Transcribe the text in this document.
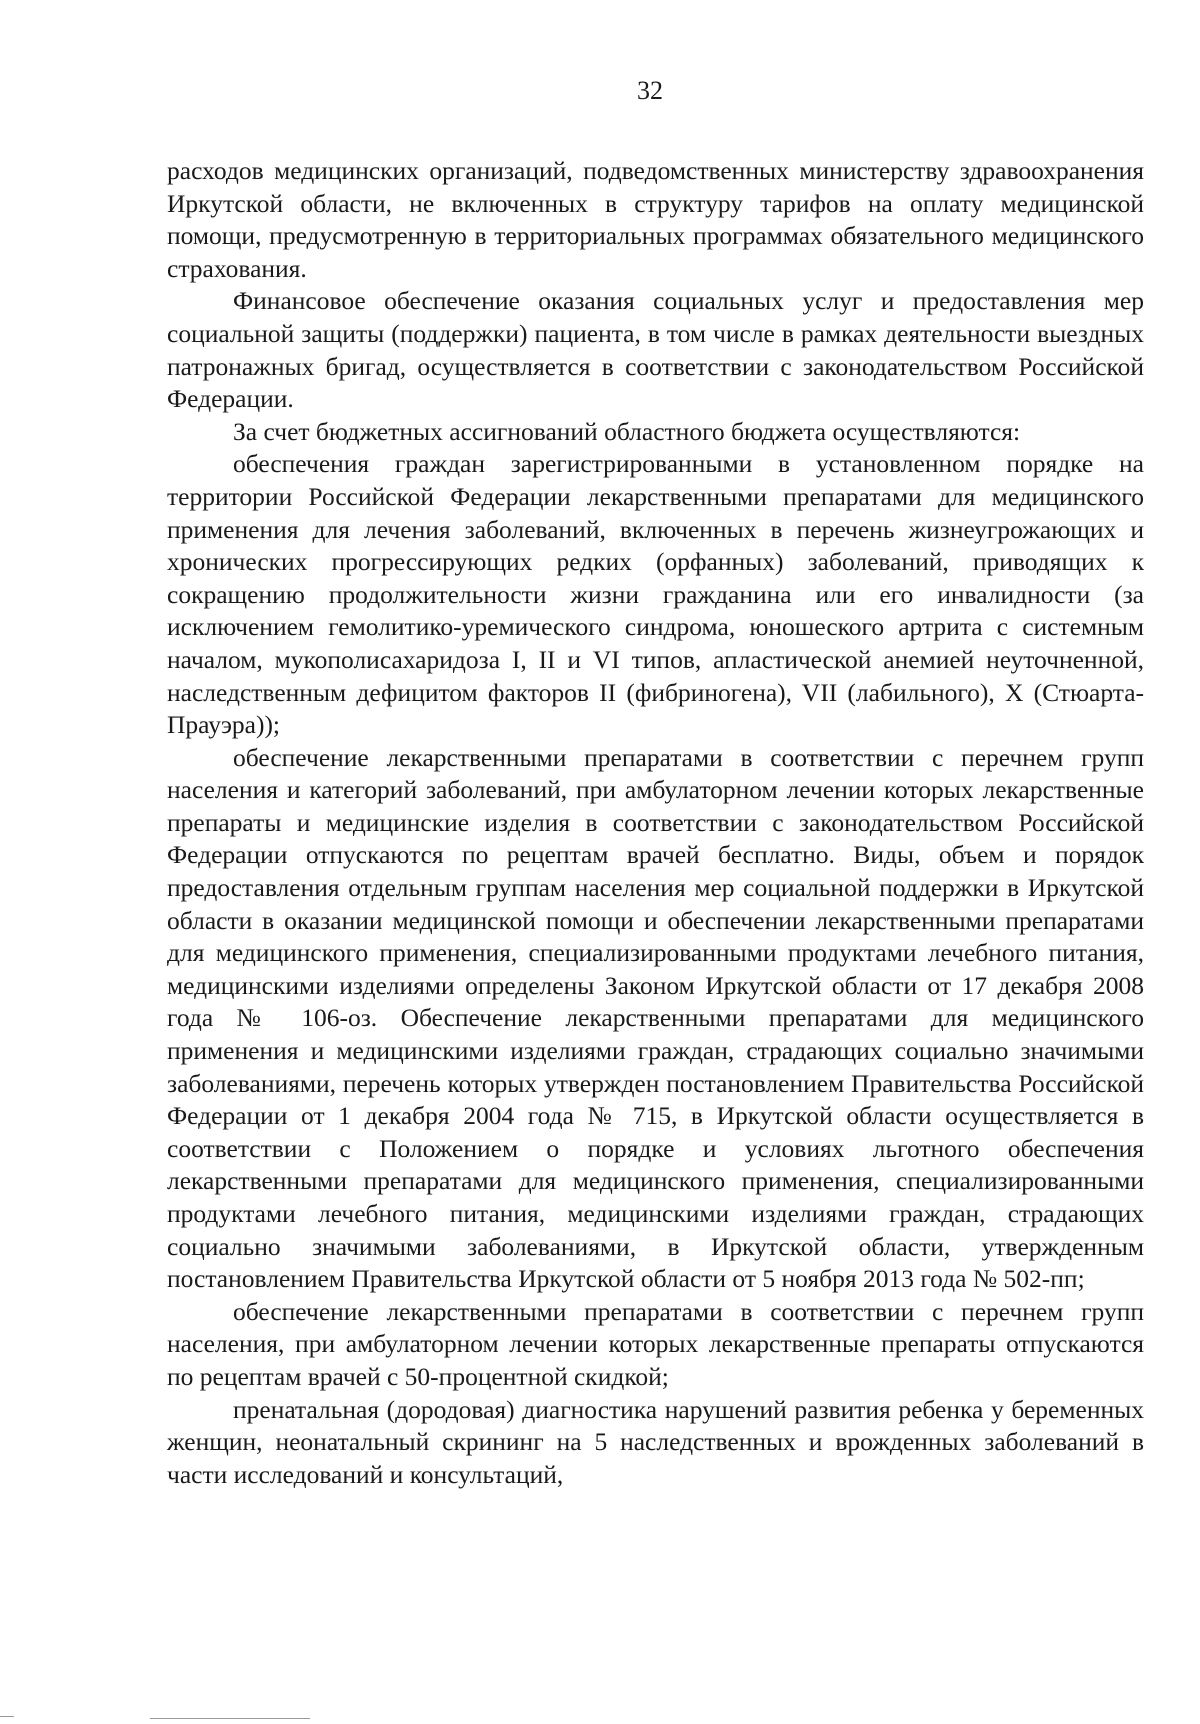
32

расходов медицинских организаций, подведомственных министерству здравоохранения Иркутской области, не включенных в структуру тарифов на оплату медицинской помощи, предусмотренную в территориальных программах обязательного медицинского страхования.

Финансовое обеспечение оказания социальных услуг и предоставления мер социальной защиты (поддержки) пациента, в том числе в рамках деятельности выездных патронажных бригад, осуществляется в соответствии с законодательством Российской Федерации.

За счет бюджетных ассигнований областного бюджета осуществляются:

обеспечения граждан зарегистрированными в установленном порядке на территории Российской Федерации лекарственными препаратами для медицинского применения для лечения заболеваний, включенных в перечень жизнеугрожающих и хронических прогрессирующих редких (орфанных) заболеваний, приводящих к сокращению продолжительности жизни гражданина или его инвалидности (за исключением гемолитико-уремического синдрома, юношеского артрита с системным началом, мукополисахаридоза I, II и VI типов, апластической анемией неуточненной, наследственным дефицитом факторов II (фибриногена), VII (лабильного), X (Стюарта-Прауэра));

обеспечение лекарственными препаратами в соответствии с перечнем групп населения и категорий заболеваний, при амбулаторном лечении которых лекарственные препараты и медицинские изделия в соответствии с законодательством Российской Федерации отпускаются по рецептам врачей бесплатно. Виды, объем и порядок предоставления отдельным группам населения мер социальной поддержки в Иркутской области в оказании медицинской помощи и обеспечении лекарственными препаратами для медицинского применения, специализированными продуктами лечебного питания, медицинскими изделиями определены Законом Иркутской области от 17 декабря 2008 года № 106-оз. Обеспечение лекарственными препаратами для медицинского применения и медицинскими изделиями граждан, страдающих социально значимыми заболеваниями, перечень которых утвержден постановлением Правительства Российской Федерации от 1 декабря 2004 года № 715, в Иркутской области осуществляется в соответствии с Положением о порядке и условиях льготного обеспечения лекарственными препаратами для медицинского применения, специализированными продуктами лечебного питания, медицинскими изделиями граждан, страдающих социально значимыми заболеваниями, в Иркутской области, утвержденным постановлением Правительства Иркутской области от 5 ноября 2013 года № 502-пп;

обеспечение лекарственными препаратами в соответствии с перечнем групп населения, при амбулаторном лечении которых лекарственные препараты отпускаются по рецептам врачей с 50-процентной скидкой;

пренатальная (дородовая) диагностика нарушений развития ребенка у беременных женщин, неонатальный скрининг на 5 наследственных и врожденных заболеваний в части исследований и консультаций,
